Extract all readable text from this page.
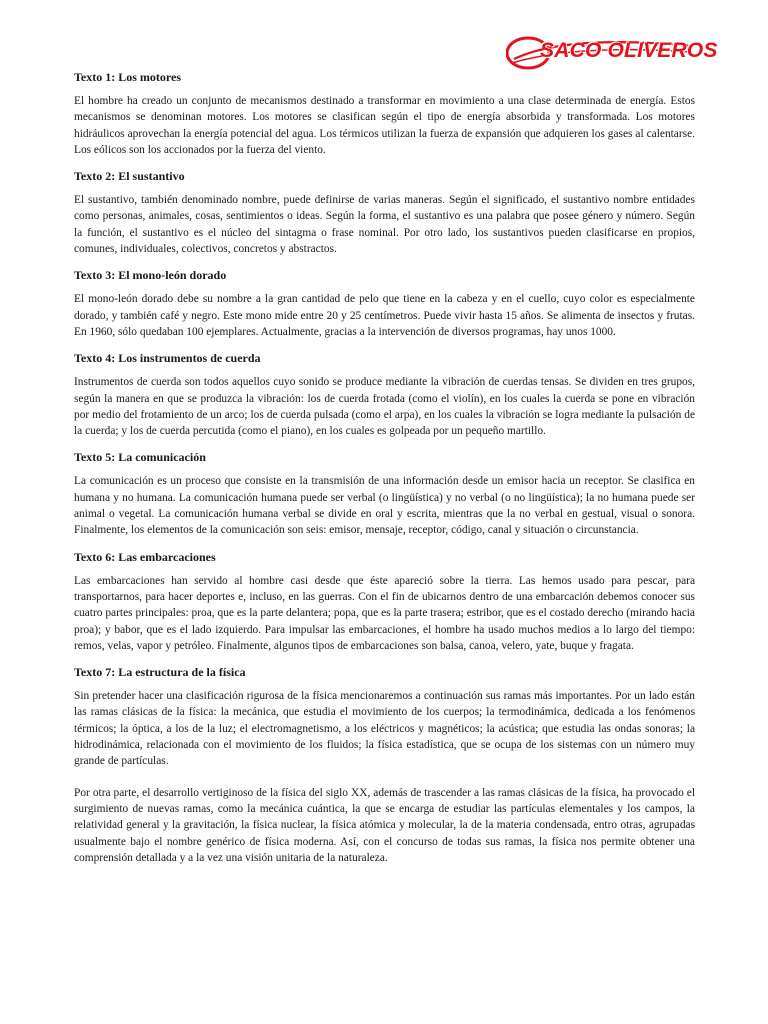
SACO OLIVEROS

Texto 1: Los motores

El hombre ha creado un conjunto de mecanismos destinado a transformar en movimiento a una clase determinada de energía. Estos mecanismos se denominan motores. Los motores se clasifican según el tipo de energía absorbida y transformada. Los motores hidráulicos aprovechan la energía potencial del agua. Los térmicos utilizan la fuerza de expansión que adquieren los gases al calentarse. Los eólicos son los accionados por la fuerza del viento.

Texto 2: El sustantivo

El sustantivo, también denominado nombre, puede definirse de varias maneras. Según el significado, el sustantivo nombre entidades como personas, animales, cosas, sentimientos o ideas. Según la forma, el sustantivo es una palabra que posee género y número. Según la función, el sustantivo es el núcleo del sintagma o frase nominal. Por otro lado, los sustantivos pueden clasificarse en propios, comunes, individuales, colectivos, concretos y abstractos.

Texto 3: El mono-león dorado

El mono-león dorado debe su nombre a la gran cantidad de pelo que tiene en la cabeza y en el cuello, cuyo color es especialmente dorado, y también café y negro. Este mono mide entre 20 y 25 centímetros. Puede vivir hasta 15 años. Se alimenta de insectos y frutas. En 1960, sólo quedaban 100 ejemplares. Actualmente, gracias a la intervención de diversos programas, hay unos 1000.

Texto 4: Los instrumentos de cuerda

Instrumentos de cuerda son todos aquellos cuyo sonido se produce mediante la vibración de cuerdas tensas. Se dividen en tres grupos, según la manera en que se produzca la vibración: los de cuerda frotada (como el violín), en los cuales la cuerda se pone en vibración por medio del frotamiento de un arco; los de cuerda pulsada (como el arpa), en los cuales la vibración se logra mediante la pulsación de la cuerda; y los de cuerda percutida (como el piano), en los cuales es golpeada por un pequeño martillo.

Texto 5: La comunicación

La comunicación es un proceso que consiste en la transmisión de una información desde un emisor hacia un receptor. Se clasifica en humana y no humana. La comunicación humana puede ser verbal (o lingüística) y no verbal (o no lingüística); la no humana puede ser animal o vegetal. La comunicación humana verbal se divide en oral y escrita, mientras que la no verbal en gestual, visual o sonora. Finalmente, los elementos de la comunicación son seis: emisor, mensaje, receptor, código, canal y situación o circunstancia.

Texto 6: Las embarcaciones

Las embarcaciones han servido al hombre casi desde que éste apareció sobre la tierra. Las hemos usado para pescar, para transportarnos, para hacer deportes e, incluso, en las guerras. Con el fin de ubicarnos dentro de una embarcación debemos conocer sus cuatro partes principales: proa, que es la parte delantera; popa, que es la parte trasera; estribor, que es el costado derecho (mirando hacia proa); y babor, que es el lado izquierdo. Para impulsar las embarcaciones, el hombre ha usado muchos medios a lo largo del tiempo: remos, velas, vapor y petróleo. Finalmente, algunos tipos de embarcaciones son balsa, canoa, velero, yate, buque y fragata.

Texto 7: La estructura de la física

Sin pretender hacer una clasificación rigurosa de la física mencionaremos a continuación sus ramas más importantes. Por un lado están las ramas clásicas de la física: la mecánica, que estudia el movimiento de los cuerpos; la termodinámica, dedicada a los fenómenos térmicos; la óptica, a los de la luz; el electromagnetismo, a los eléctricos y magnéticos; la acústica; que estudia las ondas sonoras; la hidrodinámica, relacionada con el movimiento de los fluidos; la física estadística, que se ocupa de los sistemas con un número muy grande de partículas.

Por otra parte, el desarrollo vertiginoso de la física del siglo XX, además de trascender a las ramas clásicas de la física, ha provocado el surgimiento de nuevas ramas, como la mecánica cuántica, la que se encarga de estudiar las partículas elementales y los campos, la relatividad general y la gravitación, la física nuclear, la física atómica y molecular, la de la materia condensada, entro otras, agrupadas usualmente bajo el nombre genérico de física moderna. Así, con el concurso de todas sus ramas, la física nos permite obtener una comprensión detallada y a la vez una visión unitaria de la naturaleza.
